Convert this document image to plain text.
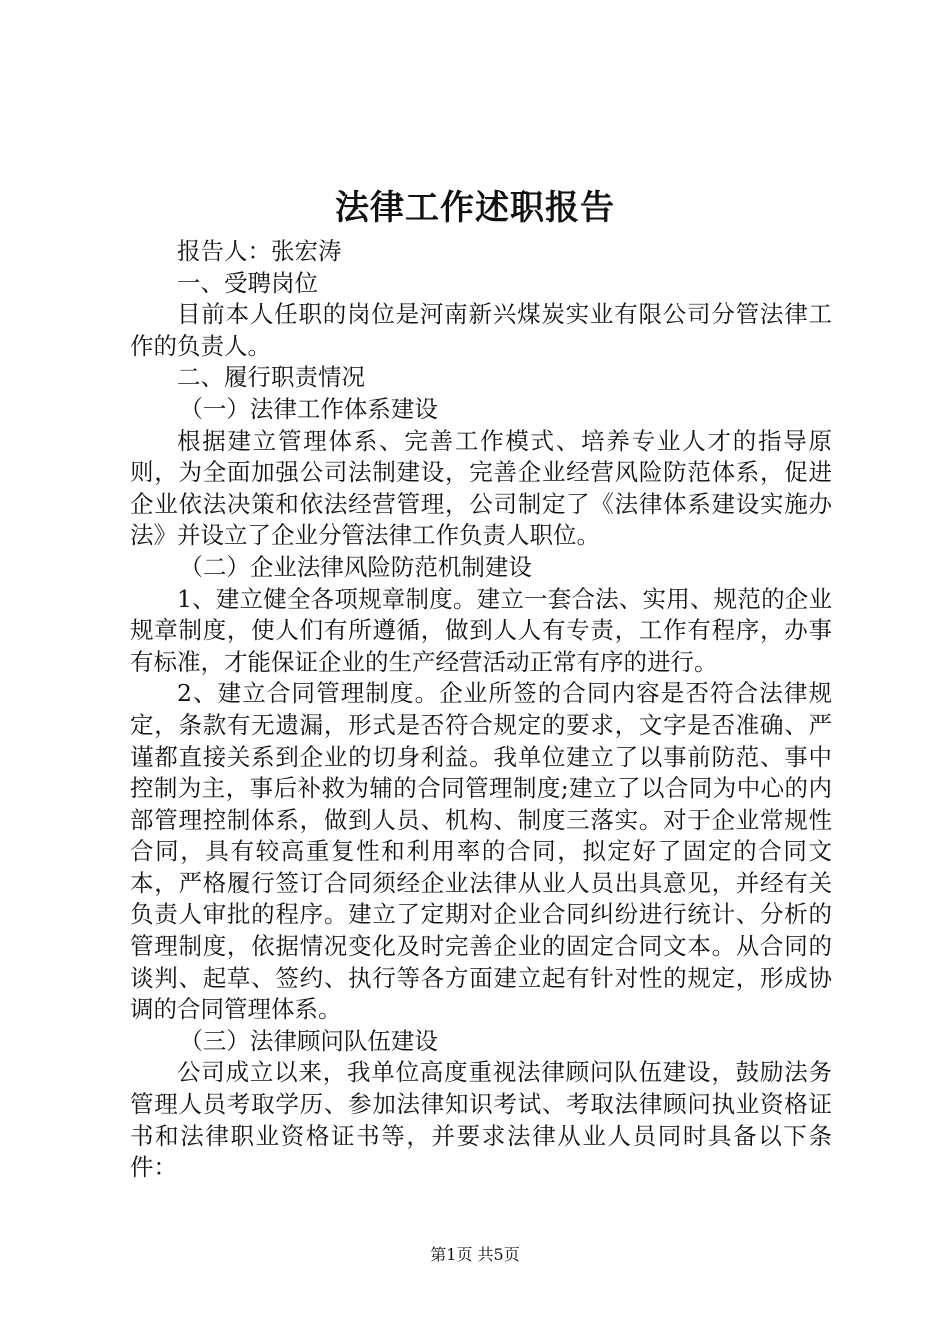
法律工作述职报告

报告人：张宏涛

一、受聘岗位

目前本人任职的岗位是河南新兴煤炭实业有限公司分管法律工作的负责人。

二、履行职责情况

（一）法律工作体系建设

根据建立管理体系、完善工作模式、培养专业人才的指导原则，为全面加强公司法制建设，完善企业经营风险防范体系，促进企业依法决策和依法经营管理，公司制定了《法律体系建设实施办法》并设立了企业分管法律工作负责人职位。

（二）企业法律风险防范机制建设

1、建立健全各项规章制度。建立一套合法、实用、规范的企业规章制度，使人们有所遵循，做到人人有专责，工作有程序，办事有标准，才能保证企业的生产经营活动正常有序的进行。

2、建立合同管理制度。企业所签的合同内容是否符合法律规定，条款有无遗漏，形式是否符合规定的要求，文字是否准确、严谨都直接关系到企业的切身利益。我单位建立了以事前防范、事中控制为主，事后补救为辅的合同管理制度;建立了以合同为中心的内部管理控制体系，做到人员、机构、制度三落实。对于企业常规性合同，具有较高重复性和利用率的合同，拟定好了固定的合同文本，严格履行签订合同须经企业法律从业人员出具意见，并经有关负责人审批的程序。建立了定期对企业合同纠纷进行统计、分析的管理制度，依据情况变化及时完善企业的固定合同文本。从合同的谈判、起草、签约、执行等各方面建立起有针对性的规定，形成协调的合同管理体系。

（三）法律顾问队伍建设

公司成立以来，我单位高度重视法律顾问队伍建设，鼓励法务管理人员考取学历、参加法律知识考试、考取法律顾问执业资格证书和法律职业资格证书等，并要求法律从业人员同时具备以下条件：

第1页 共5页
